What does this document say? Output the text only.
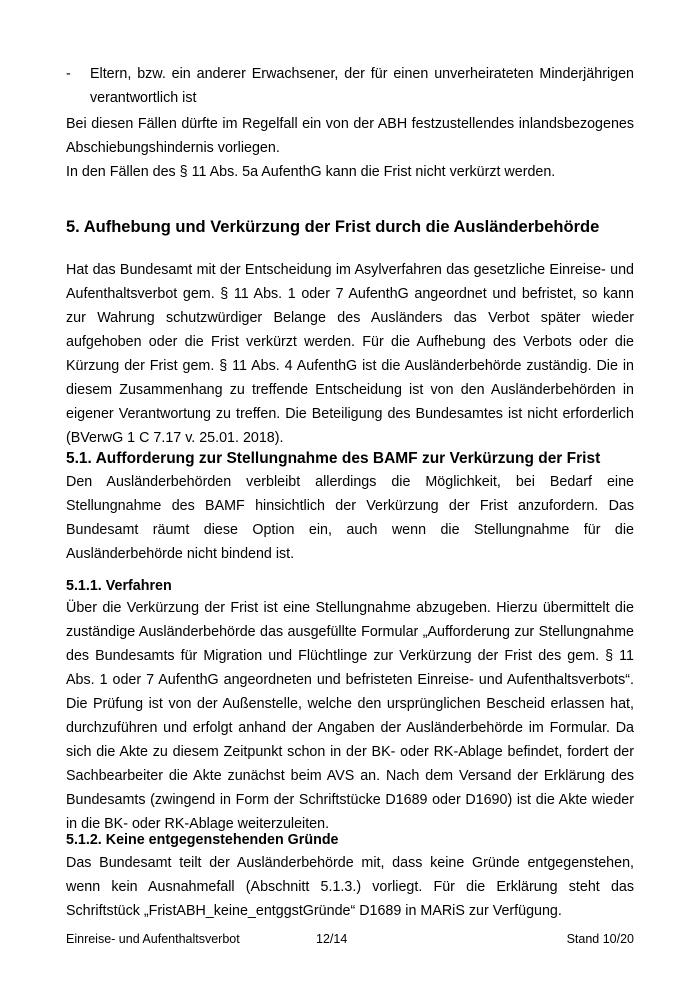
- Eltern, bzw. ein anderer Erwachsener, der für einen unverheirateten Minderjährigen verantwortlich ist

Bei diesen Fällen dürfte im Regelfall ein von der ABH festzustellendes inlandsbezogenes Abschiebungshindernis vorliegen.

In den Fällen des § 11 Abs. 5a AufenthG kann die Frist nicht verkürzt werden.

5. Aufhebung und Verkürzung der Frist durch die Ausländerbehörde

Hat das Bundesamt mit der Entscheidung im Asylverfahren das gesetzliche Einreise- und Aufenthaltsverbot gem. § 11 Abs. 1 oder 7 AufenthG angeordnet und befristet, so kann zur Wahrung schutzwürdiger Belange des Ausländers das Verbot später wieder aufgehoben oder die Frist verkürzt werden. Für die Aufhebung des Verbots oder die Kürzung der Frist gem. § 11 Abs. 4 AufenthG ist die Ausländerbehörde zuständig. Die in diesem Zusammenhang zu treffende Entscheidung ist von den Ausländerbehörden in eigener Verantwortung zu treffen. Die Beteiligung des Bundesamtes ist nicht erforderlich (BVerwG 1 C 7.17 v. 25.01. 2018).

5.1. Aufforderung zur Stellungnahme des BAMF zur Verkürzung der Frist

Den Ausländerbehörden verbleibt allerdings die Möglichkeit, bei Bedarf eine Stellungnahme des BAMF hinsichtlich der Verkürzung der Frist anzufordern. Das Bundesamt räumt diese Option ein, auch wenn die Stellungnahme für die Ausländerbehörde nicht bindend ist.

5.1.1. Verfahren

Über die Verkürzung der Frist ist eine Stellungnahme abzugeben. Hierzu übermittelt die zuständige Ausländerbehörde das ausgefüllte Formular „Aufforderung zur Stellungnahme des Bundesamts für Migration und Flüchtlinge zur Verkürzung der Frist des gem. § 11 Abs. 1 oder 7 AufenthG angeordneten und befristeten Einreise- und Aufenthaltsverbots“. Die Prüfung ist von der Außenstelle, welche den ursprünglichen Bescheid erlassen hat, durchzuführen und erfolgt anhand der Angaben der Ausländerbehörde im Formular. Da sich die Akte zu diesem Zeitpunkt schon in der BK- oder RK-Ablage befindet, fordert der Sachbearbeiter die Akte zunächst beim AVS an. Nach dem Versand der Erklärung des Bundesamts (zwingend in Form der Schriftstücke D1689 oder D1690) ist die Akte wieder in die BK- oder RK-Ablage weiterzuleiten.

5.1.2. Keine entgegenstehenden Gründe

Das Bundesamt teilt der Ausländerbehörde mit, dass keine Gründe entgegenstehen, wenn kein Ausnahmefall (Abschnitt 5.1.3.) vorliegt. Für die Erklärung steht das Schriftstück „FristABH_keine_entggstGründe“ D1689 in MARiS zur Verfügung.

Einreise- und Aufenthaltsverbot	12/14	Stand 10/20
